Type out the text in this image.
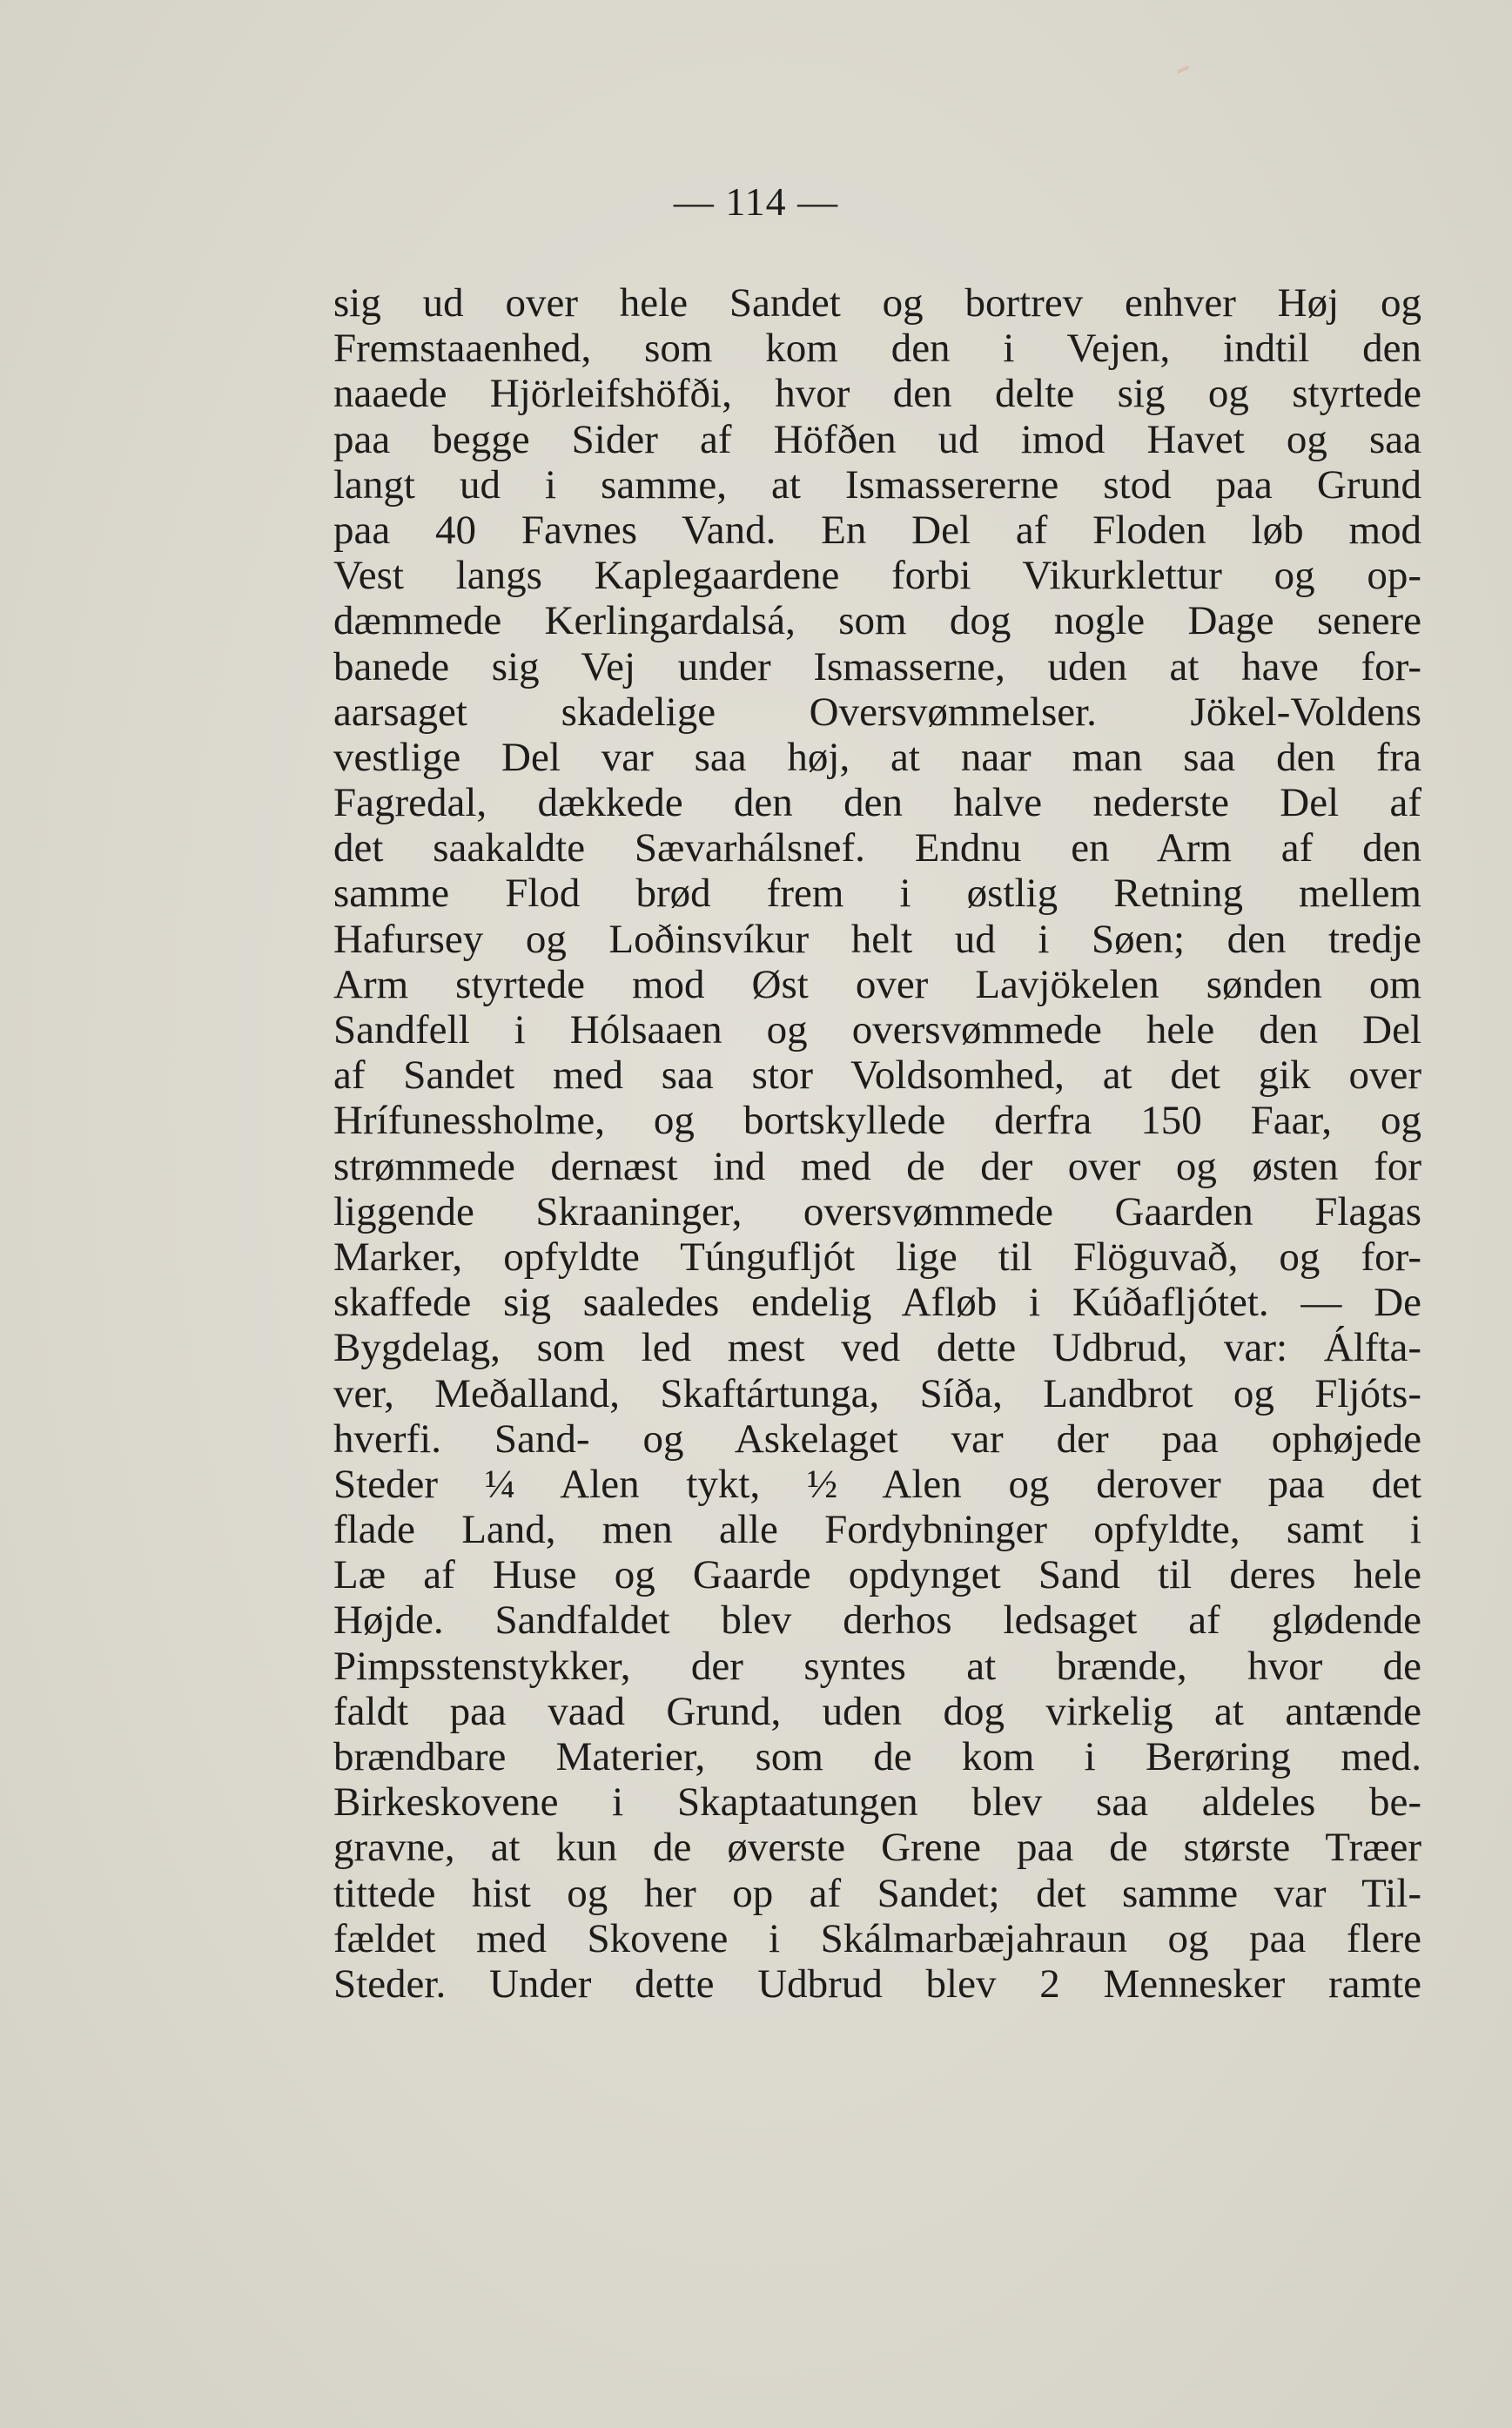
— 114 —
sig ud over hele Sandet og bortrev enhver Høj og
Fremstaaenhed, som kom den i Vejen, indtil den
naaede Hjörleifshöfði, hvor den delte sig og styrtede
paa begge Sider af Höfðen ud imod Havet og saa
langt ud i samme, at Ismassererne stod paa Grund
paa 40 Favnes Vand. En Del af Floden løb mod
Vest langs Kaplegaardene forbi Vikurklettur og op-
dæmmede Kerlingardalsá, som dog nogle Dage senere
banede sig Vej under Ismasserne, uden at have for-
aarsaget skadelige Oversvømmelser. Jökel-Voldens
vestlige Del var saa høj, at naar man saa den fra
Fagredal, dækkede den den halve nederste Del af
det saakaldte Sævarhálsnef. Endnu en Arm af den
samme Flod brød frem i østlig Retning mellem
Hafursey og Loðinsvíkur helt ud i Søen; den tredje
Arm styrtede mod Øst over Lavjökelen sønden om
Sandfell i Hólsaaen og oversvømmede hele den Del
af Sandet med saa stor Voldsomhed, at det gik over
Hrífunessholme, og bortskyllede derfra 150 Faar, og
strømmede dernæst ind med de der over og østen for
liggende Skraaninger, oversvømmede Gaarden Flagas
Marker, opfyldte Túngufljót lige til Flöguvað, og for-
skaffede sig saaledes endelig Afløb i Kúðafljótet. — De
Bygdelag, som led mest ved dette Udbrud, var: Álfta-
ver, Meðalland, Skaftártunga, Síða, Landbrot og Fljóts-
hverfi. Sand- og Askelaget var der paa ophøjede
Steder ¼ Alen tykt, ½ Alen og derover paa det
flade Land, men alle Fordybninger opfyldte, samt i
Læ af Huse og Gaarde opdynget Sand til deres hele
Højde. Sandfaldet blev derhos ledsaget af glødende
Pimpsstenstykker, der syntes at brænde, hvor de
faldt paa vaad Grund, uden dog virkelig at antænde
brændbare Materier, som de kom i Berøring med.
Birkeskovene i Skaptaatungen blev saa aldeles be-
gravne, at kun de øverste Grene paa de største Træer
tittede hist og her op af Sandet; det samme var Til-
fældet med Skovene i Skálmarbæjahraun og paa flere
Steder. Under dette Udbrud blev 2 Mennesker ramte
